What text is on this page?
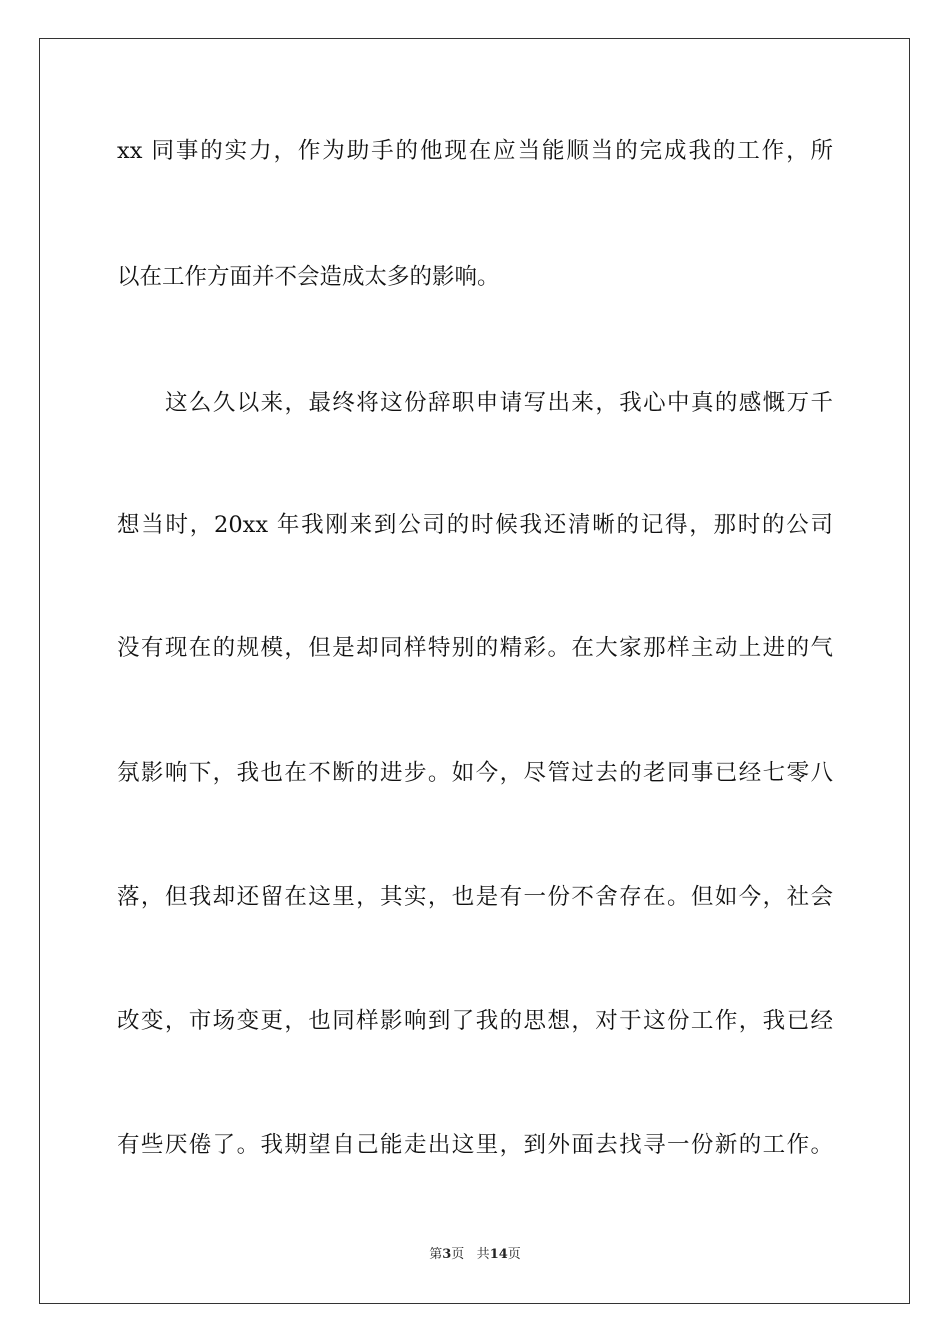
xx 同事的实力，作为助手的他现在应当能顺当的完成我的工作，所
以在工作方面并不会造成太多的影响。
这么久以来，最终将这份辞职申请写出来，我心中真的感慨万千
想当时，20xx 年我刚来到公司的时候我还清晰的记得，那时的公司
没有现在的规模，但是却同样特别的精彩。在大家那样主动上进的气
氛影响下，我也在不断的进步。如今，尽管过去的老同事已经七零八
落，但我却还留在这里，其实，也是有一份不舍存在。但如今，社会
改变，市场变更，也同样影响到了我的思想，对于这份工作，我已经
有些厌倦了。我期望自己能走出这里，到外面去找寻一份新的工作。
第3页 共14页
